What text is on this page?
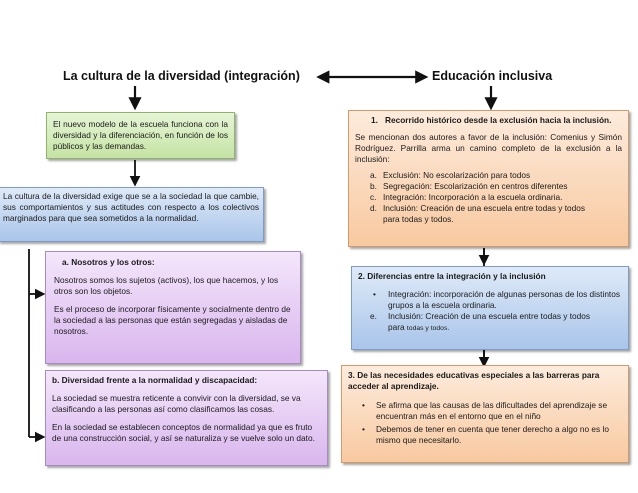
La cultura de la diversidad (integración)	Educación inclusiva

El nuevo modelo de la escuela funciona con la diversidad y la diferenciación, en función de los públicos y las demandas.

La cultura de la diversidad exige que se a la sociedad la que cambie, sus comportamientos y sus actitudes con respecto a los colectivos marginados para que sea sometidos a la normalidad.

a. Nosotros y los otros:

Nosotros somos los sujetos (activos), los que hacemos, y los otros son los objetos.

Es el proceso de incorporar físicamente y socialmente dentro de la sociedad a las personas que están segregadas y aisladas de nosotros.

b. Diversidad frente a la normalidad y discapacidad:

La sociedad se muestra reticente a convivir con la diversidad, se va clasificando a las personas así como clasificamos las cosas.

En la sociedad se establecen conceptos de normalidad ya que es fruto de una construcción social, y así se naturaliza y se vuelve solo un dato.

1. Recorrido histórico desde la exclusión hacia la inclusión.

Se mencionan dos autores a favor de la inclusión: Comenius y Simón Rodríguez. Parrilla arma un camino completo de la exclusión a la inclusión:

a. Exclusión: No escolarización para todos
b. Segregación: Escolarización en centros diferentes
c. Integración: Incorporación a la escuela ordinaria.
d. Inclusión: Creación de una escuela entre todas y todos para todas y todos.

2. Diferencias entre la integración y la inclusión

•	Integración: incorporación de algunas personas de los distintos grupos a la escuela ordinaria.
e.	Inclusión: Creación de una escuela entre todas y todos para todas y todos.

3. De las necesidades educativas especiales a las barreras para acceder al aprendizaje.

•	Se afirma que las causas de las dificultades del aprendizaje se encuentran más en el entorno que en el niño
•	Debemos de tener en cuenta que tener derecho a algo no es lo mismo que necesitarlo.
